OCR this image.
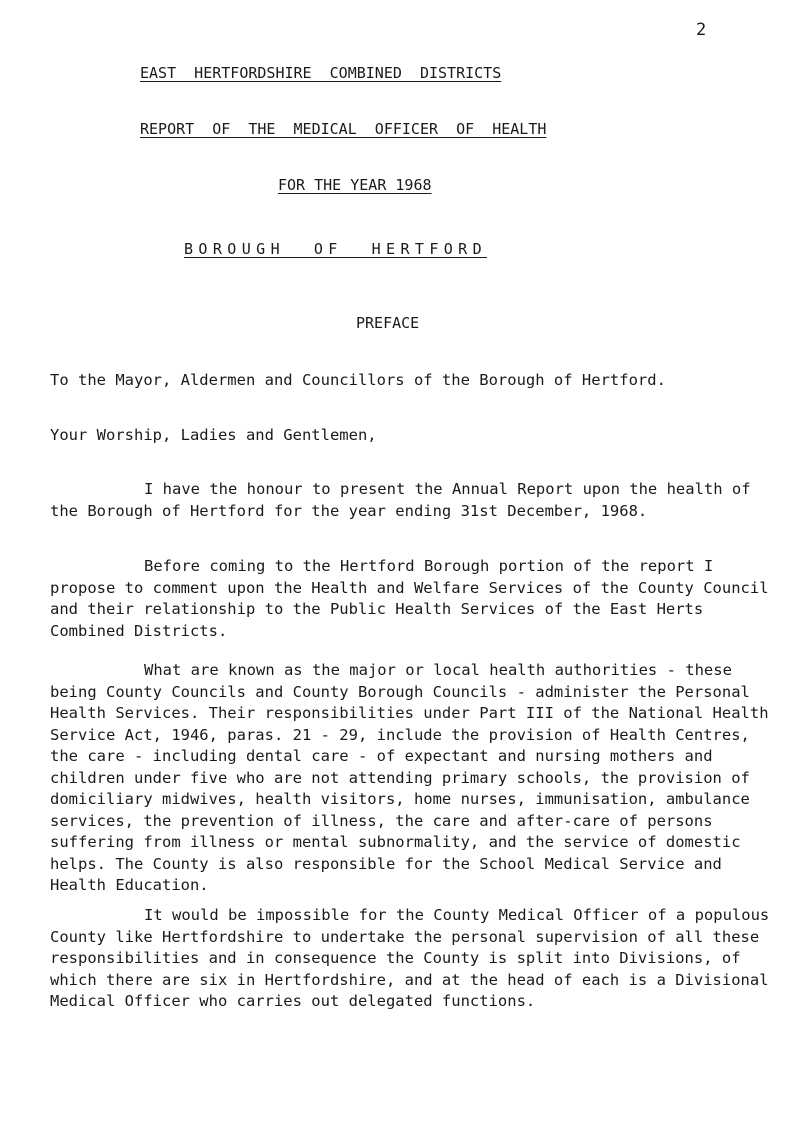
2
EAST  HERTFORDSHIRE  COMBINED  DISTRICTS
REPORT  OF  THE  MEDICAL  OFFICER  OF  HEALTH
FOR THE YEAR 1968
BOROUGH  OF  HERTFORD
PREFACE

To the Mayor, Aldermen and Councillors of the Borough of Hertford.

Your Worship, Ladies and Gentlemen,

I have the honour to present the Annual Report upon the health of the Borough of Hertford for the year ending 31st December, 1968.

Before coming to the Hertford Borough portion of the report I propose to comment upon the Health and Welfare Services of the County Council and their relationship to the Public Health Services of the East Herts Combined Districts.

What are known as the major or local health authorities - these being County Councils and County Borough Councils - administer the Personal Health Services. Their responsibilities under Part III of the National Health Service Act, 1946, paras. 21 - 29, include the provision of Health Centres, the care - including dental care - of expectant and nursing mothers and children under five who are not attending primary schools, the provision of domiciliary midwives, health visitors, home nurses, immunisation, ambulance services, the prevention of illness, the care and after-care of persons suffering from illness or mental subnormality, and the service of domestic helps. The County is also responsible for the School Medical Service and Health Education.

It would be impossible for the County Medical Officer of a populous County like Hertfordshire to undertake the personal supervision of all these responsibilities and in consequence the County is split into Divisions, of which there are six in Hertfordshire, and at the head of each is a Divisional Medical Officer who carries out delegated functions.
